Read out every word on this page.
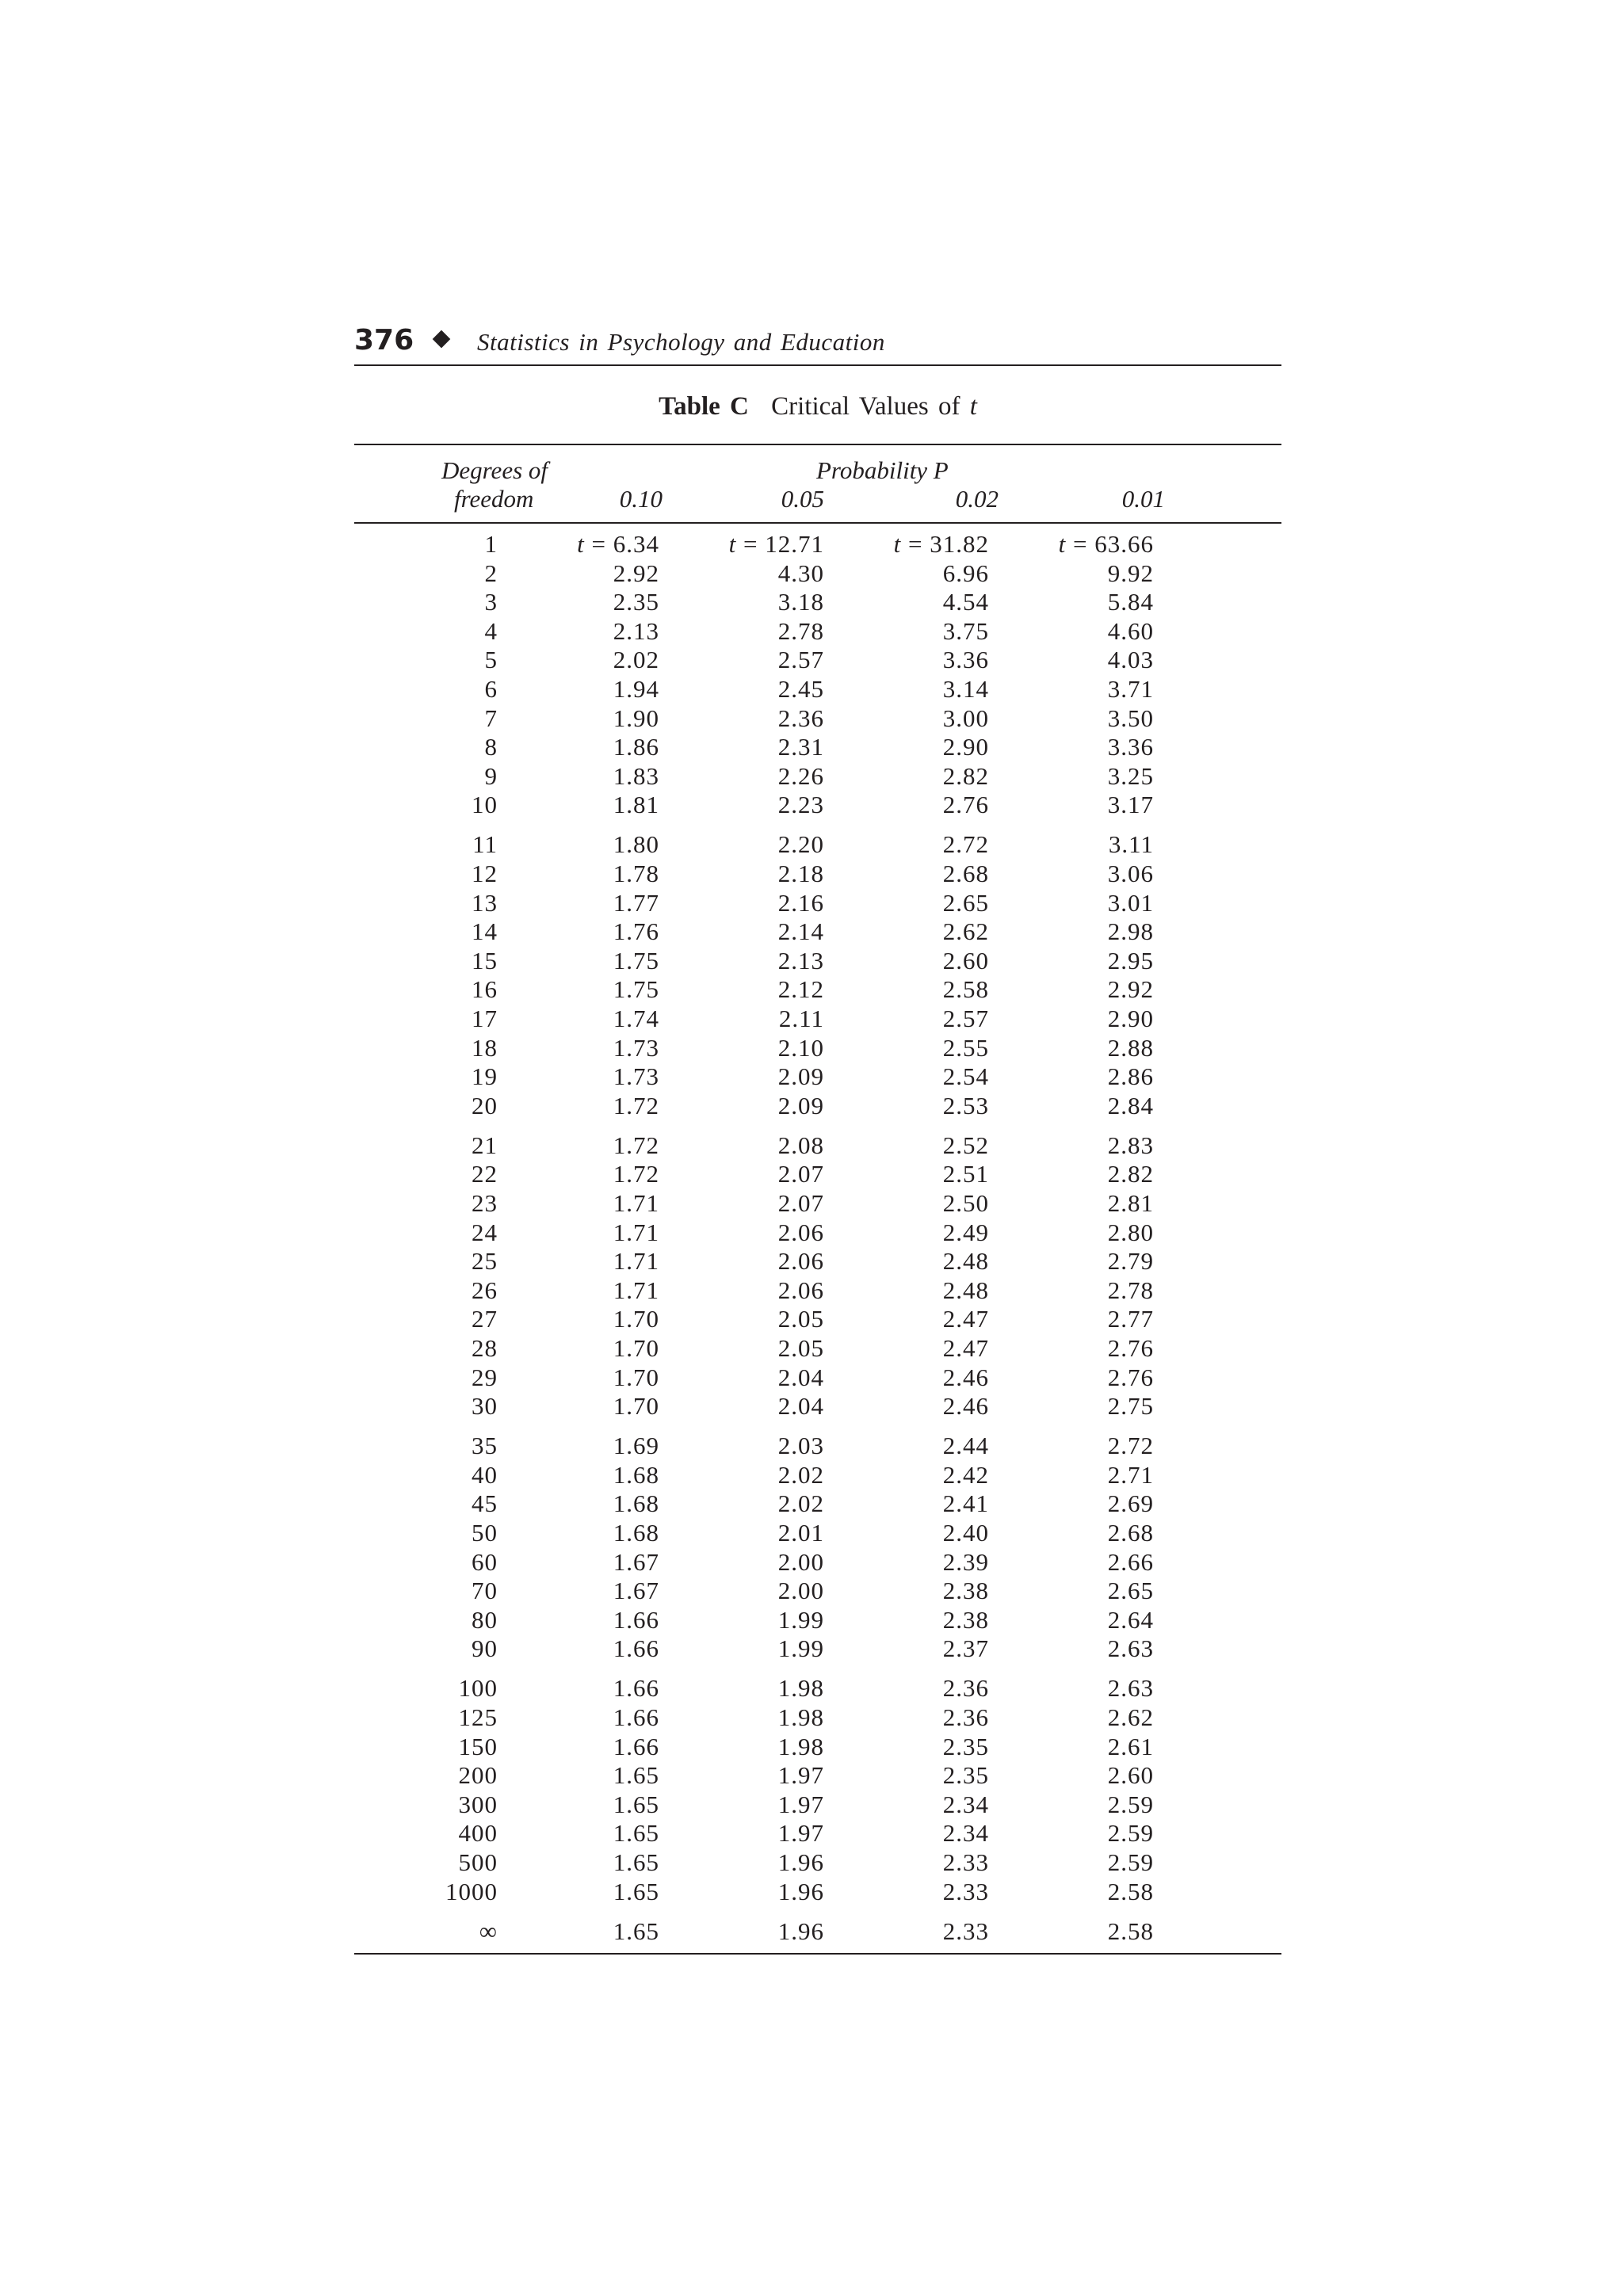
376	Statistics in Psychology and Education
Table C Critical Values of t
Degrees of
freedom
Probability P
0.10	0.05	0.02	0.01
1	t = 6.34	t = 12.71	t = 31.82	t = 63.66
2	2.92	4.30	6.96	9.92
3	2.35	3.18	4.54	5.84
4	2.13	2.78	3.75	4.60
5	2.02	2.57	3.36	4.03
6	1.94	2.45	3.14	3.71
7	1.90	2.36	3.00	3.50
8	1.86	2.31	2.90	3.36
9	1.83	2.26	2.82	3.25
10	1.81	2.23	2.76	3.17
11	1.80	2.20	2.72	3.11
12	1.78	2.18	2.68	3.06
13	1.77	2.16	2.65	3.01
14	1.76	2.14	2.62	2.98
15	1.75	2.13	2.60	2.95
16	1.75	2.12	2.58	2.92
17	1.74	2.11	2.57	2.90
18	1.73	2.10	2.55	2.88
19	1.73	2.09	2.54	2.86
20	1.72	2.09	2.53	2.84
21	1.72	2.08	2.52	2.83
22	1.72	2.07	2.51	2.82
23	1.71	2.07	2.50	2.81
24	1.71	2.06	2.49	2.80
25	1.71	2.06	2.48	2.79
26	1.71	2.06	2.48	2.78
27	1.70	2.05	2.47	2.77
28	1.70	2.05	2.47	2.76
29	1.70	2.04	2.46	2.76
30	1.70	2.04	2.46	2.75
35	1.69	2.03	2.44	2.72
40	1.68	2.02	2.42	2.71
45	1.68	2.02	2.41	2.69
50	1.68	2.01	2.40	2.68
60	1.67	2.00	2.39	2.66
70	1.67	2.00	2.38	2.65
80	1.66	1.99	2.38	2.64
90	1.66	1.99	2.37	2.63
100	1.66	1.98	2.36	2.63
125	1.66	1.98	2.36	2.62
150	1.66	1.98	2.35	2.61
200	1.65	1.97	2.35	2.60
300	1.65	1.97	2.34	2.59
400	1.65	1.97	2.34	2.59
500	1.65	1.96	2.33	2.59
1000	1.65	1.96	2.33	2.58
∞	1.65	1.96	2.33	2.58
